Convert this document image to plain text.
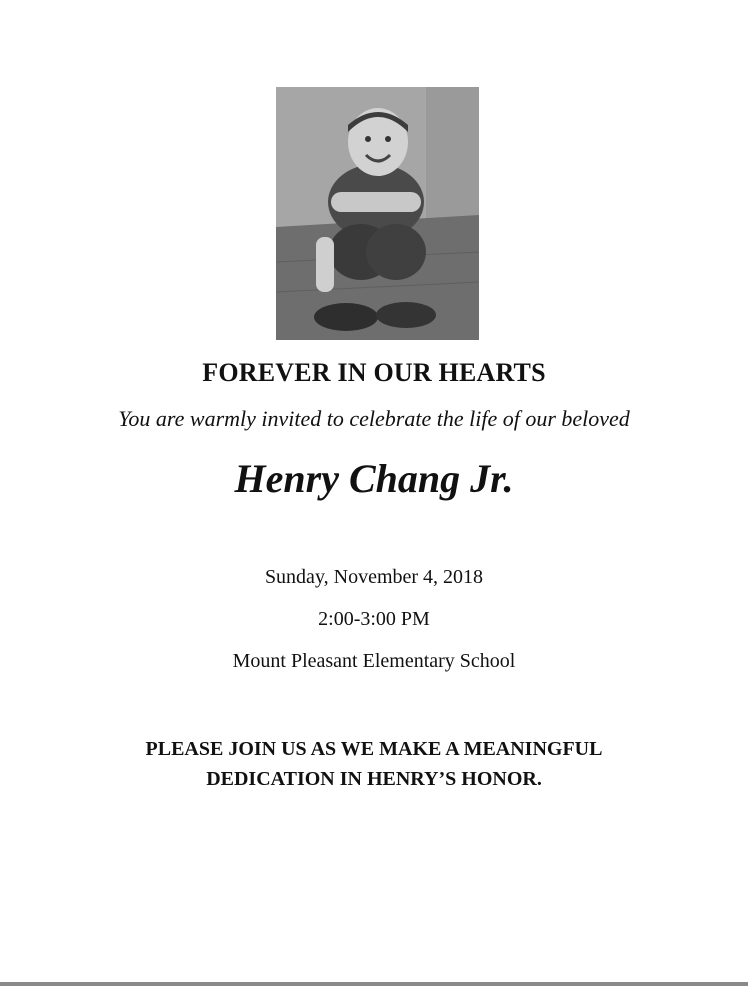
FOREVER IN OUR HEARTS
You are warmly invited to celebrate the life of our beloved
Henry Chang Jr.
Sunday, November 4, 2018
2:00-3:00 PM
Mount Pleasant Elementary School
PLEASE JOIN US AS WE MAKE A MEANINGFUL
DEDICATION IN HENRY’S HONOR.
